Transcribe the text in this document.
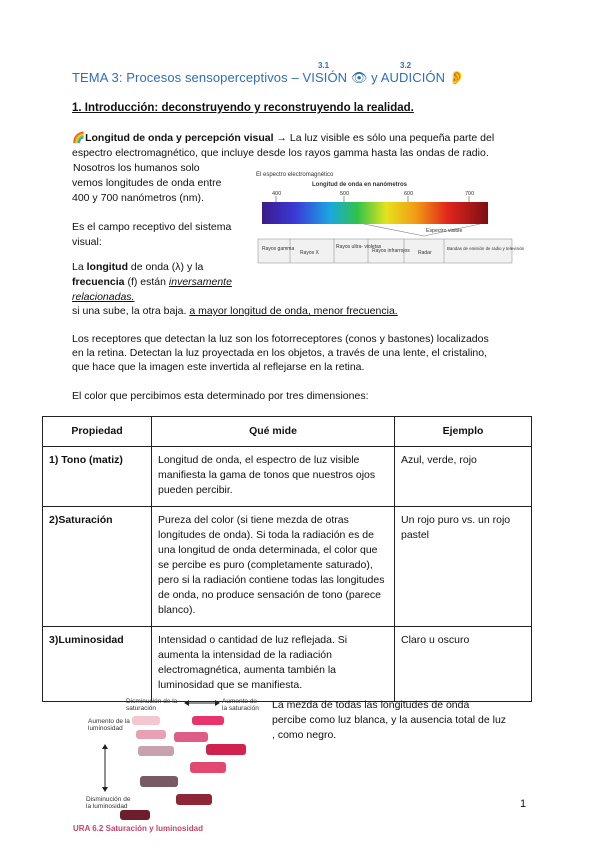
TEMA 3: Procesos sensoperceptivos – VISIÓN 👁 y AUDICIÓN 👂
3.1	3.2
1. Introducción: deconstruyendo y reconstruyendo la realidad.
🌈Longitud de onda y percepción visual → La luz visible es sólo una pequeña parte del
espectro electromagnético, que incluye desde los rayos gamma hasta las ondas de radio.
Nosotros los humanos solo
vemos longitudes de onda entre
400 y 700 nanómetros (nm).
Es el campo receptivo del sistema
visual:
La longitud de onda (λ) y la
frecuencia (f) están inversamente
relacionadas.
si una sube, la otra baja. a mayor longitud de onda, menor frecuencia.
El espectro electromagnético
Longitud de onda en nanómetros
400	500	600	700
Espectro visible
Rayos gamma
Rayos X
Rayos ultra- violetas
Rayos infrarrojos Radar
Bandas de emisión de radio y televisión
Los receptores que detectan la luz son los fotorreceptores (conos y bastones) localizados
en la retina. Detectan la luz proyectada en los objetos, a través de una lente, el cristalino,
que hace que la imagen este invertida al reflejarse en la retina.
El color que percibimos esta determinado por tres dimensiones:
Propiedad	Qué mide	Ejemplo
1) Tono (matiz)	Longitud de onda, el espectro de luz visible manifiesta la gama de tonos que nuestros ojos pueden percibir.	Azul, verde, rojo
2)Saturación	Pureza del color (si tiene mezda de otras longitudes de onda). Si toda la radiación es de una longitud de onda determinada, el color que se percibe es puro (completamente saturado), pero si la radiación contiene todas las longitudes de onda, no produce sensación de tono (parece blanco).	Un rojo puro vs. un rojo pastel
3)Luminosidad	Intensidad o cantidad de luz reflejada. Si aumenta la intensidad de la radiación electromagnética, aumenta también la luminosidad que se manifiesta.	Claro u oscuro
Disminución de la saturación
Aumento de la saturación
Aumento de la luminosidad
Disminución de la luminosidad
URA 6.2 Saturación y luminosidad
La mezda de todas las longitudes de onda
percibe como luz blanca, y la ausencia total de luz
, como negro.
1
